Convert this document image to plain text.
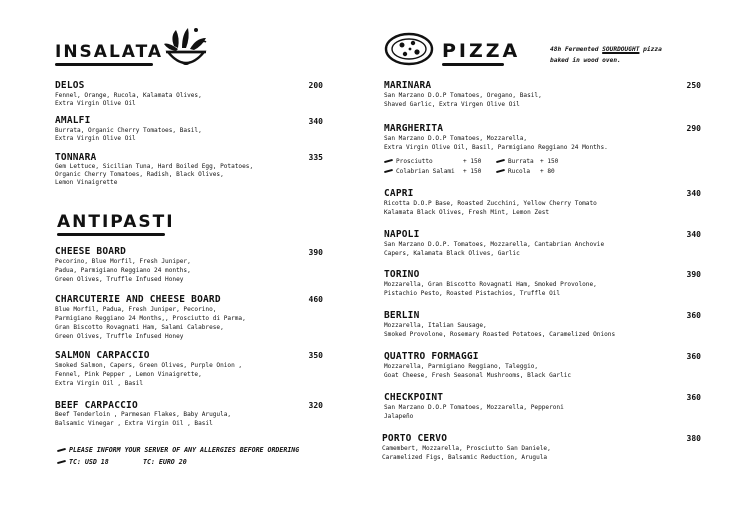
INSALATA
DELOS	200
Fennel, Orange, Rucola, Kalamata Olives,
Extra Virgin Olive Oil
AMALFI	340
Burrata, Organic Cherry Tomatoes, Basil,
Extra Virgin Olive Oil
TONNARA	335
Gem Lettuce, Sicilian Tuna, Hard Boiled Egg, Potatoes,
Organic Cherry Tomatoes, Radish, Black Olives,
Lemon Vinaigrette
ANTIPASTI
CHEESE BOARD	390
Pecorino, Blue Morfil, Fresh Juniper,
Padua, Parmigiano Reggiano 24 months,
Green Olives, Truffle Infused Honey
CHARCUTERIE AND CHEESE BOARD	460
Blue Morfil, Padua, Fresh Juniper, Pecorino,
Parmigiano Reggiano 24 Months,, Prosciutto di Parma,
Gran Biscotto Rovagnati Ham, Salami Calabrese,
Green Olives, Truffle Infused Honey
SALMON CARPACCIO	350
Smoked Salmon, Capers, Green Olives, Purple Onion ,
Fennel, Pink Pepper , Lemon Vinaigrette,
Extra Virgin Oil , Basil
BEEF CARPACCIO	320
Beef Tenderloin , Parmesan Flakes, Baby Arugula,
Balsamic Vinegar , Extra Virgin Oil , Basil
PLEASE INFORM YOUR SERVER OF ANY ALLERGIES BEFORE ORDERING
TC: USD 18	TC: EURO 20
PIZZA	48h Fermented SOURDOUGHT pizza
baked in wood oven.
MARINARA	250
San Marzano D.O.P Tomatoes, Oregano, Basil,
Shaved Garlic, Extra Virgen Olive Oil
MARGHERITA	290
San Marzano D.O.P Tomatoes, Mozzarella,
Extra Virgin Olive Oil, Basil, Parmigiano Reggiano 24 Months.
Prosciutto	+ 150	Burrata + 150
Colabrian Salami + 150	Rucola + 80
CAPRI	340
Ricotta D.O.P Base, Roasted Zucchini, Yellow Cherry Tomato
Kalamata Black Olives, Fresh Mint, Lemon Zest
NAPOLI	340
San Marzano D.O.P. Tomatoes, Mozzarella, Cantabrian Anchovie
Capers, Kalamata Black Olives, Garlic
TORINO	390
Mozzarella, Gran Biscotto Rovagnati Ham, Smoked Provolone,
Pistachio Pesto, Roasted Pistachios, Truffle Oil
BERLIN	360
Mozzarella, Italian Sausage,
Smoked Provolone, Rosemary Roasted Potatoes, Caramelized Onions
QUATTRO FORMAGGI	360
Mozzarella, Parmigiano Reggiano, Taleggio,
Goat Cheese, Fresh Seasonal Mushrooms, Black Garlic
CHECKPOINT	360
San Marzano D.O.P Tomatoes, Mozzarella, Pepperoni
Jalapeño
PORTO CERVO	380
Camembert, Mozzarella, Prosciutto San Daniele,
Caramelized Figs, Balsamic Reduction, Arugula
